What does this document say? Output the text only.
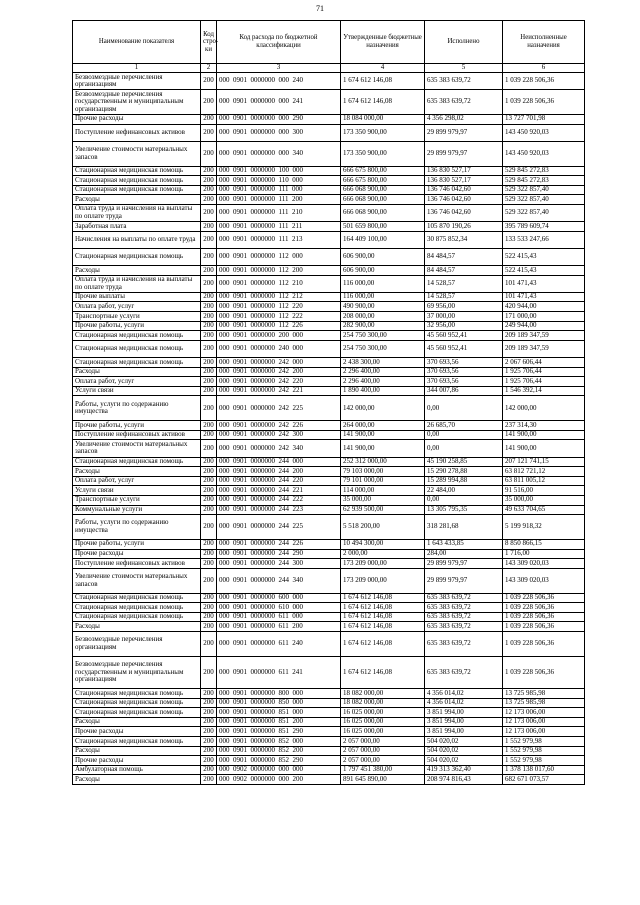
71
Наименование показателя	Код стро-ки	Код расхода по бюджетной классификации	Утвержденные бюджетные назначения	Исполнено	Неисполненные назначения
1	2	3	4	5	6
Безвозмездные перечисления организациям	200	000  0901  0000000  000  240	1 674 612 146,08	635 383 639,72	1 039 228 506,36
Безвозмездные перечисления государственным и муниципальным организациям	200	000  0901  0000000  000  241	1 674 612 146,08	635 383 639,72	1 039 228 506,36
Прочие расходы	200	000  0901  0000000  000  290	18 084 000,00	4 356 298,02	13 727 701,98
Поступление нефинансовых активов	200	000  0901  0000000  000  300	173 350 900,00	29 899 979,97	143 450 920,03
Увеличение стоимости материальных запасов	200	000  0901  0000000  000  340	173 350 900,00	29 899 979,97	143 450 920,03
Стационарная медицинская помощь	200	000  0901  0000000  100  000	666 675 800,00	136 830 527,17	529 845 272,83
Стационарная медицинская помощь	200	000  0901  0000000  110  000	666 675 800,00	136 830 527,17	529 845 272,83
Стационарная медицинская помощь	200	000  0901  0000000  111  000	666 068 900,00	136 746 042,60	529 322 857,40
Расходы	200	000  0901  0000000  111  200	666 068 900,00	136 746 042,60	529 322 857,40
Оплата труда и начисления на выплаты по оплате труда	200	000  0901  0000000  111  210	666 068 900,00	136 746 042,60	529 322 857,40
Заработная плата	200	000  0901  0000000  111  211	501 659 800,00	105 870 190,26	395 789 609,74
Начисления на выплаты по оплате труда	200	000  0901  0000000  111  213	164 409 100,00	30 875 852,34	133 533 247,66
Стационарная медицинская помощь	200	000  0901  0000000  112  000	606 900,00	84 484,57	522 415,43
Расходы	200	000  0901  0000000  112  200	606 900,00	84 484,57	522 415,43
Оплата труда и начисления на выплаты по оплате труда	200	000  0901  0000000  112  210	116 000,00	14 528,57	101 471,43
Прочие выплаты	200	000  0901  0000000  112  212	116 000,00	14 528,57	101 471,43
Оплата работ, услуг	200	000  0901  0000000  112  220	490 900,00	69 956,00	420 944,00
Транспортные услуги	200	000  0901  0000000  112  222	208 000,00	37 000,00	171 000,00
Прочие работы, услуги	200	000  0901  0000000  112  226	282 900,00	32 956,00	249 944,00
Стационарная медицинская помощь	200	000  0901  0000000  200  000	254 750 300,00	45 560 952,41	209 189 347,59
Стационарная медицинская помощь	200	000  0901  0000000  240  000	254 750 300,00	45 560 952,41	209 189 347,59
Стационарная медицинская помощь	200	000  0901  0000000  242  000	2 438 300,00	370 693,56	2 067 606,44
Расходы	200	000  0901  0000000  242  200	2 296 400,00	370 693,56	1 925 706,44
Оплата работ, услуг	200	000  0901  0000000  242  220	2 296 400,00	370 693,56	1 925 706,44
Услуги связи	200	000  0901  0000000  242  221	1 890 400,00	344 007,86	1 546 392,14
Работы, услуги по содержанию имущества	200	000  0901  0000000  242  225	142 000,00	0,00	142 000,00
Прочие работы, услуги	200	000  0901  0000000  242  226	264 000,00	26 685,70	237 314,30
Поступление нефинансовых активов	200	000  0901  0000000  242  300	141 900,00	0,00	141 900,00
Увеличение стоимости материальных запасов	200	000  0901  0000000  242  340	141 900,00	0,00	141 900,00
Стационарная медицинская помощь	200	000  0901  0000000  244  000	252 312 000,00	45 190 258,85	207 121 741,15
Расходы	200	000  0901  0000000  244  200	79 103 000,00	15 290 278,88	63 812 721,12
Оплата работ, услуг	200	000  0901  0000000  244  220	79 101 000,00	15 289 994,88	63 811 005,12
Услуги связи	200	000  0901  0000000  244  221	114 000,00	22 484,00	91 516,00
Транспортные услуги	200	000  0901  0000000  244  222	35 000,00	0,00	35 000,00
Коммунальные услуги	200	000  0901  0000000  244  223	62 939 500,00	13 305 795,35	49 633 704,65
Работы, услуги по содержанию имущества	200	000  0901  0000000  244  225	5 518 200,00	318 281,68	5 199 918,32
Прочие работы, услуги	200	000  0901  0000000  244  226	10 494 300,00	1 643 433,85	8 850 866,15
Прочие расходы	200	000  0901  0000000  244  290	2 000,00	284,00	1 716,00
Поступление нефинансовых активов	200	000  0901  0000000  244  300	173 209 000,00	29 899 979,97	143 309 020,03
Увеличение стоимости материальных запасов	200	000  0901  0000000  244  340	173 209 000,00	29 899 979,97	143 309 020,03
Стационарная медицинская помощь	200	000  0901  0000000  600  000	1 674 612 146,08	635 383 639,72	1 039 228 506,36
Стационарная медицинская помощь	200	000  0901  0000000  610  000	1 674 612 146,08	635 383 639,72	1 039 228 506,36
Стационарная медицинская помощь	200	000  0901  0000000  611  000	1 674 612 146,08	635 383 639,72	1 039 228 506,36
Расходы	200	000  0901  0000000  611  200	1 674 612 146,08	635 383 639,72	1 039 228 506,36
Безвозмездные перечисления организациям	200	000  0901  0000000  611  240	1 674 612 146,08	635 383 639,72	1 039 228 506,36
Безвозмездные перечисления государственным и муниципальным организациям	200	000  0901  0000000  611  241	1 674 612 146,08	635 383 639,72	1 039 228 506,36
Стационарная медицинская помощь	200	000  0901  0000000  800  000	18 082 000,00	4 356 014,02	13 725 985,98
Стационарная медицинская помощь	200	000  0901  0000000  850  000	18 082 000,00	4 356 014,02	13 725 985,98
Стационарная медицинская помощь	200	000  0901  0000000  851  000	16 025 000,00	3 851 994,00	12 173 006,00
Расходы	200	000  0901  0000000  851  200	16 025 000,00	3 851 994,00	12 173 006,00
Прочие расходы	200	000  0901  0000000  851  290	16 025 000,00	3 851 994,00	12 173 006,00
Стационарная медицинская помощь	200	000  0901  0000000  852  000	2 057 000,00	504 020,02	1 552 979,98
Расходы	200	000  0901  0000000  852  200	2 057 000,00	504 020,02	1 552 979,98
Прочие расходы	200	000  0901  0000000  852  290	2 057 000,00	504 020,02	1 552 979,98
Амбулаторная помощь	200	000  0902  0000000  000  000	1 797 451 380,00	419 313 362,40	1 378 138 017,60
Расходы	200	000  0902  0000000  000  200	891 645 890,00	208 974 816,43	682 671 073,57
